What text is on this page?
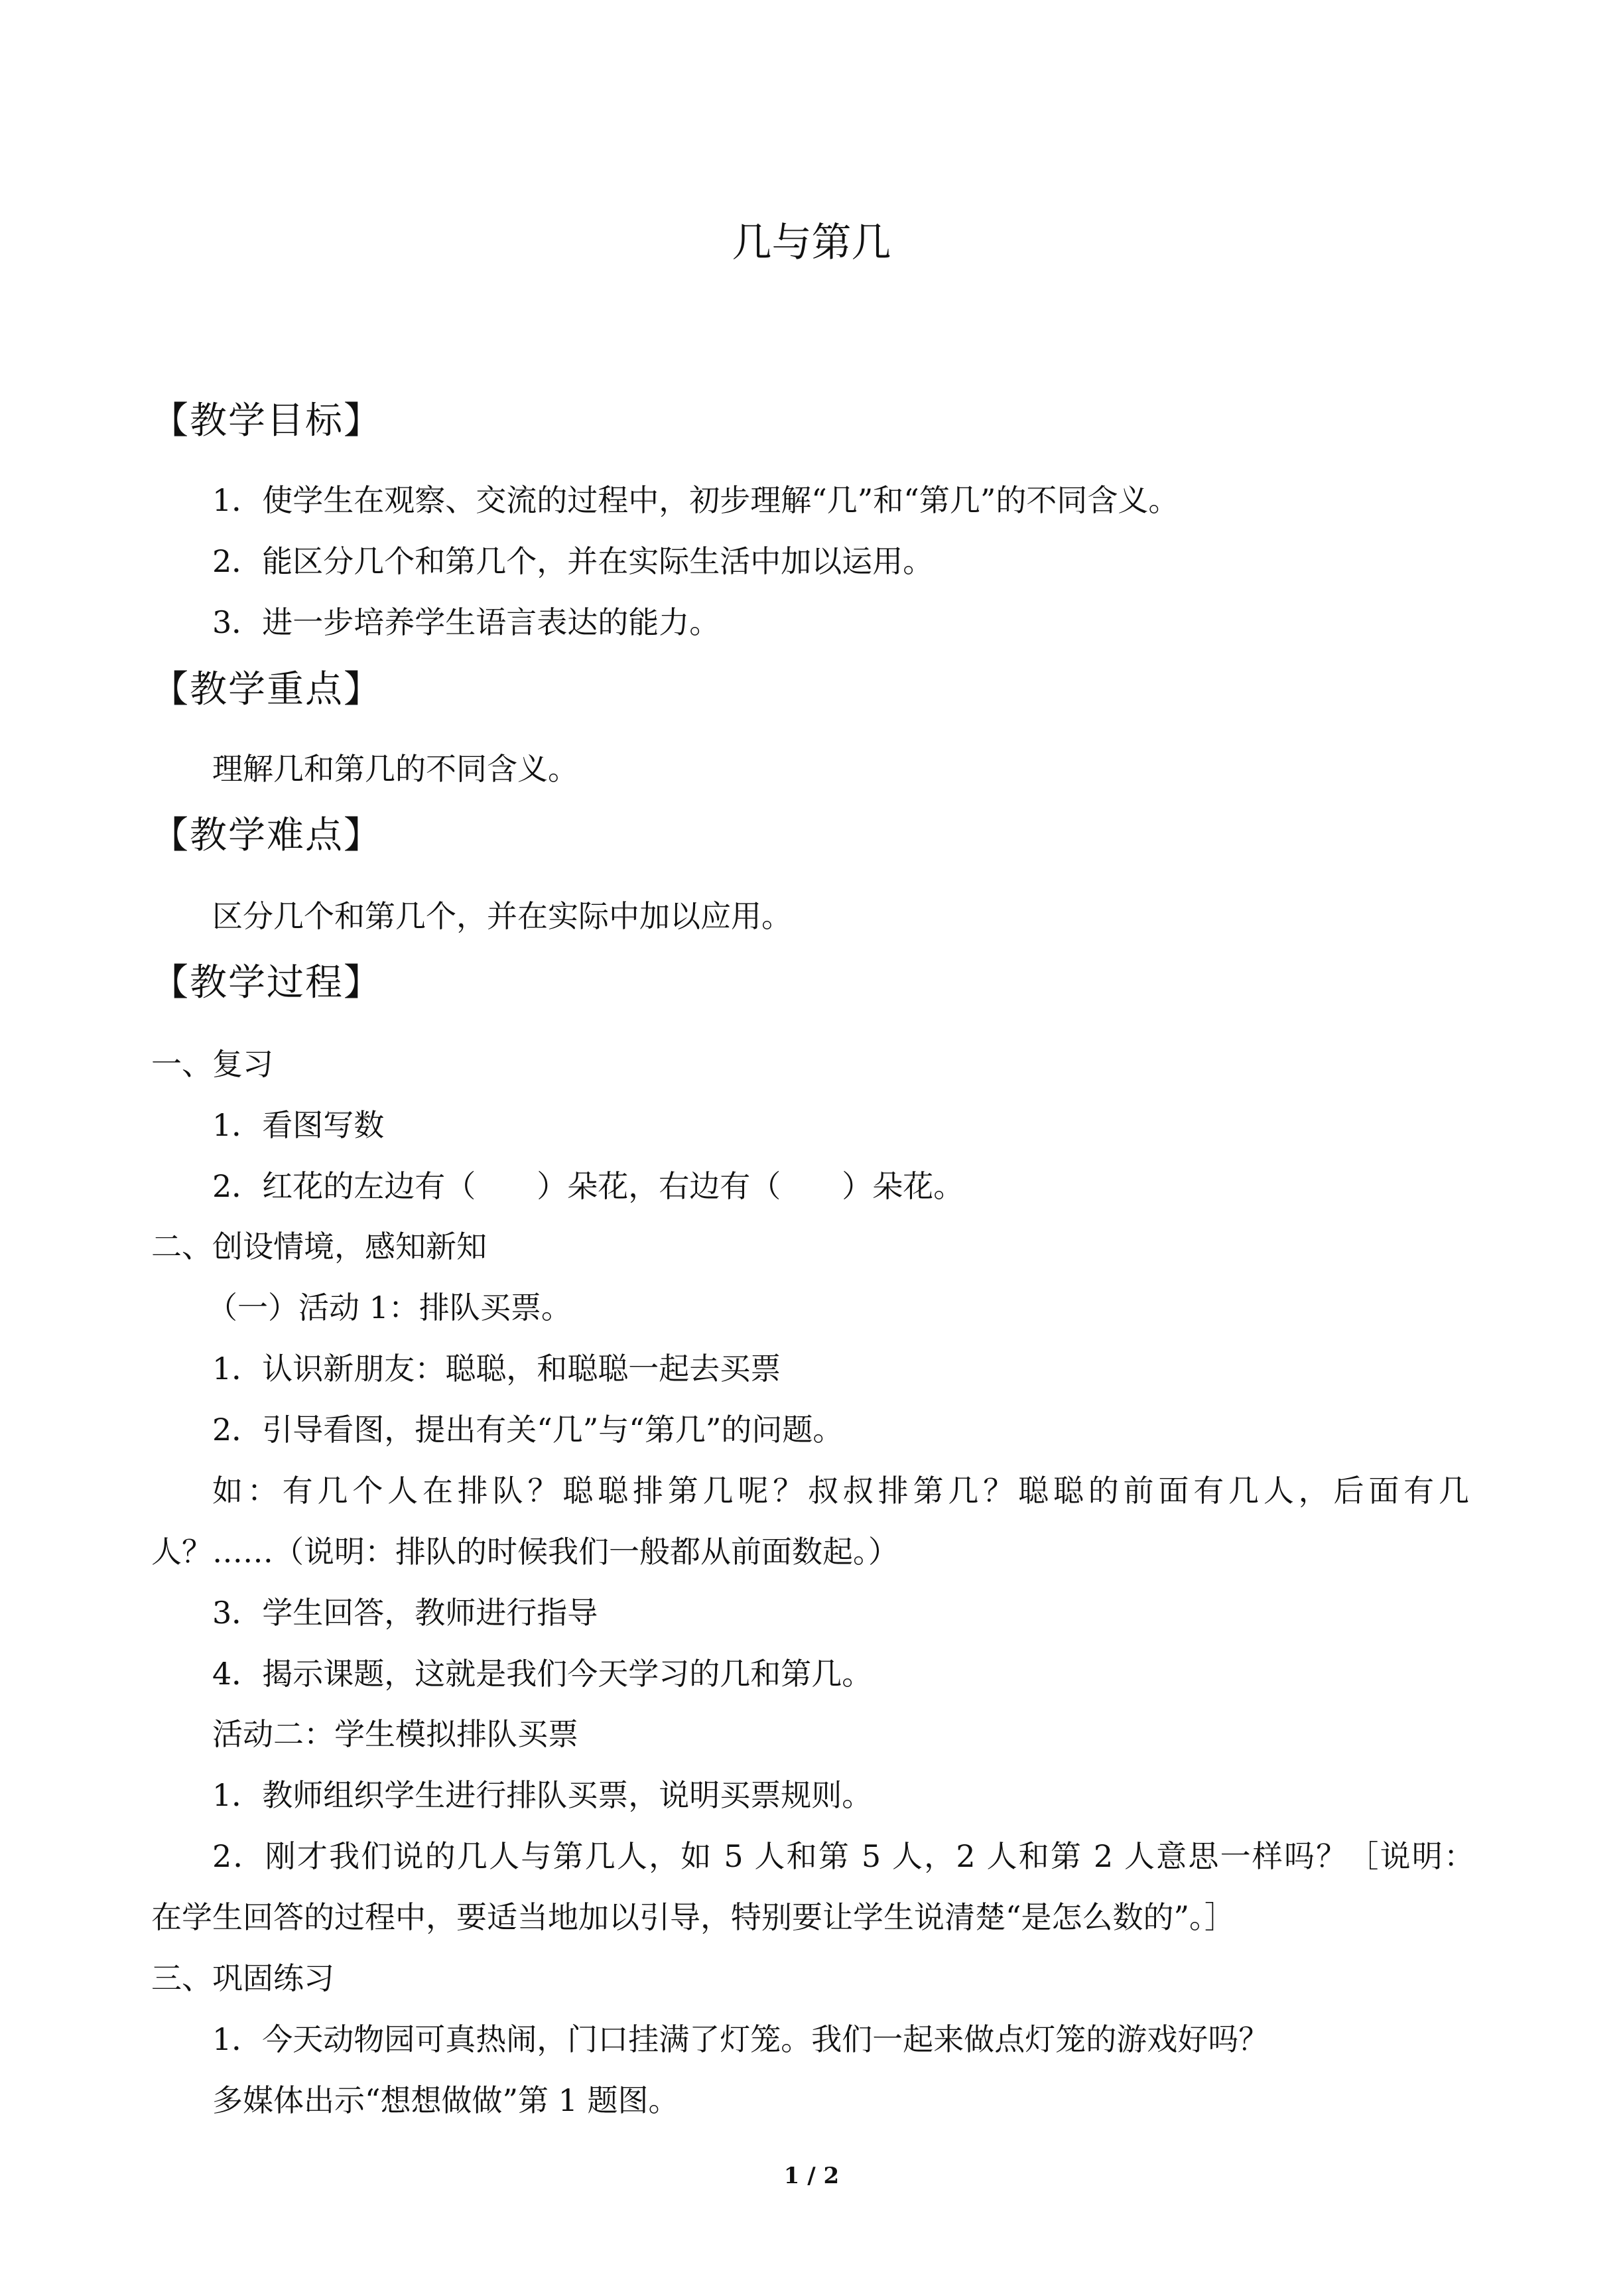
几与第几
【教学目标】
1．使学生在观察、交流的过程中，初步理解“几”和“第几”的不同含义。
2．能区分几个和第几个，并在实际生活中加以运用。
3．进一步培养学生语言表达的能力。
【教学重点】
理解几和第几的不同含义。
【教学难点】
区分几个和第几个，并在实际中加以应用。
【教学过程】
一、复习
1．看图写数
2．红花的左边有（　　）朵花，右边有（　　）朵花。
二、创设情境，感知新知
（一）活动 1：排队买票。
1．认识新朋友：聪聪，和聪聪一起去买票
2．引导看图，提出有关“几”与“第几”的问题。
如：有几个人在排队？聪聪排第几呢？叔叔排第几？聪聪的前面有几人，后面有几
人？……（说明：排队的时候我们一般都从前面数起。）
3．学生回答，教师进行指导
4．揭示课题，这就是我们今天学习的几和第几。
活动二：学生模拟排队买票
1．教师组织学生进行排队买票，说明买票规则。
2．刚才我们说的几人与第几人，如 5 人和第 5 人，2 人和第 2 人意思一样吗？［说明：
在学生回答的过程中，要适当地加以引导，特别要让学生说清楚“是怎么数的”。］
三、巩固练习
1．今天动物园可真热闹，门口挂满了灯笼。我们一起来做点灯笼的游戏好吗？
多媒体出示“想想做做”第 1 题图。
1 / 2
